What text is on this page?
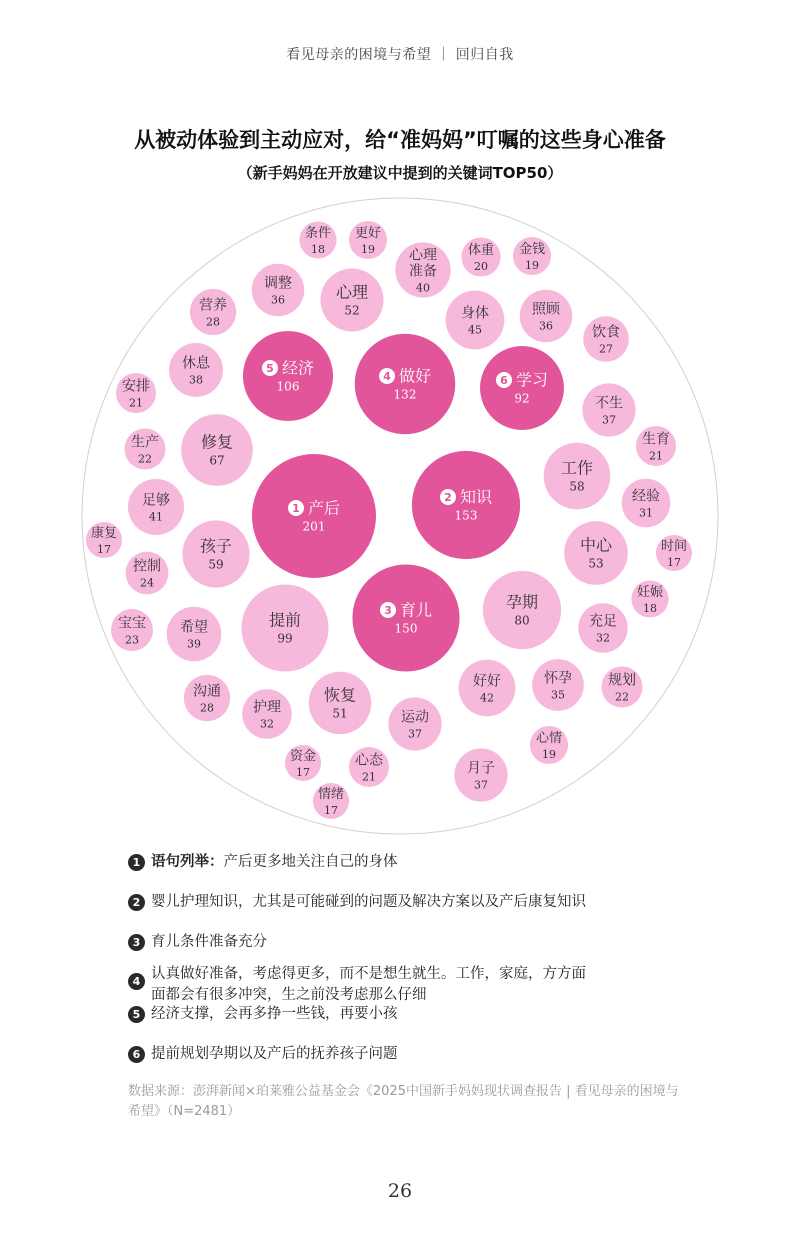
看见母亲的困境与希望 ｜ 回归自我
从被动体验到主动应对，给“准妈妈”叮嘱的这些身心准备
（新手妈妈在开放建议中提到的关键词TOP50）
1 产后
201
2 知识
153
3 育儿
150
4 做好
132
5 经济
106	6 学习
92
提前
99
孕期
80
修复
67
孩子
59
工作
58
中心
53
心理
52
恢复
51
身体
45
好好
42
足够
41
心理
准备
40
希望
39
休息
38
不生
37
运动
37
月子
37
调整
36
照顾
36
怀孕
35
护理
32
充足
32
经验
31
营养
28
沟通
28
饮食
27
控制
24
宝宝
23
生产
22
规划
22
安排
21
生育
21
心态
21
体重
20
更好
19	金钱
19
心情
19
条件
18
妊娠
18
康复
17	时间
17
资金
17
情绪
17
1 语句列举： 产后更多地关注自己的身体
2 婴儿护理知识，尤其是可能碰到的问题及解决方案以及产后康复知识
3 育儿条件准备充分
4 认真做好准备，考虑得更多，而不是想生就生。工作，家庭，方方面
面都会有很多冲突，生之前没考虑那么仔细
5 经济支撑，会再多挣一些钱，再要小孩
6 提前规划孕期以及产后的抚养孩子问题
数据来源：澎湃新闻×珀莱雅公益基金会《2025中国新手妈妈现状调查报告 | 看见母亲的困境与希望》（N=2481）
26
